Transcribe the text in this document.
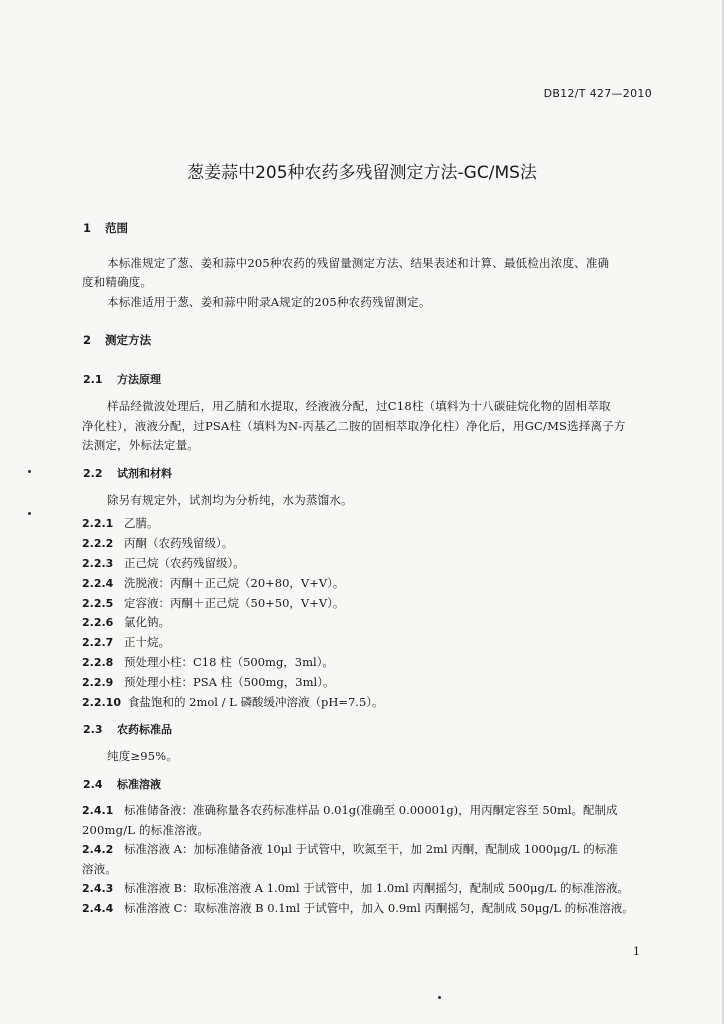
DB12/T 427—2010
葱姜蒜中205种农药多残留测定方法-GC/MS法
1 范围
本标准规定了葱、姜和蒜中205种农药的残留量测定方法、结果表述和计算、最低检出浓度、准确
度和精确度。
本标准适用于葱、姜和蒜中附录A规定的205种农药残留测定。
2 测定方法
2.1 方法原理
样品经微波处理后，用乙腈和水提取，经液液分配，过C18柱（填料为十八碳硅烷化物的固相萃取
净化柱），液液分配，过PSA柱（填料为N-丙基乙二胺的固相萃取净化柱）净化后，用GC/MS选择离子方
法测定，外标法定量。
2.2 试剂和材料
除另有规定外，试剂均为分析纯，水为蒸馏水。
2.2.1 乙腈。
2.2.2 丙酮（农药残留级）。
2.2.3 正己烷（农药残留级）。
2.2.4 洗脱液：丙酮＋正己烷（20+80，V+V）。
2.2.5 定容液：丙酮＋正己烷（50+50，V+V）。
2.2.6 氯化钠。
2.2.7 正十烷。
2.2.8 预处理小柱：C18 柱（500mg，3ml）。
2.2.9 预处理小柱：PSA 柱（500mg，3ml）。
2.2.10 食盐饱和的 2mol / L 磷酸缓冲溶液（pH=7.5）。
2.3 农药标准品
纯度≥95%。
2.4 标准溶液
2.4.1 标准储备液：准确称量各农药标准样品 0.01g(准确至 0.00001g)，用丙酮定容至 50ml。配制成
200mg/L 的标准溶液。
2.4.2 标准溶液 A：加标准储备液 10μl 于试管中，吹氮至干，加 2ml 丙酮，配制成 1000μg/L 的标准
溶液。
2.4.3 标准溶液 B：取标准溶液 A 1.0ml 于试管中，加 1.0ml 丙酮摇匀，配制成 500μg/L 的标准溶液。
2.4.4 标准溶液 C：取标准溶液 B 0.1ml 于试管中，加入 0.9ml 丙酮摇匀，配制成 50μg/L 的标准溶液。
1
